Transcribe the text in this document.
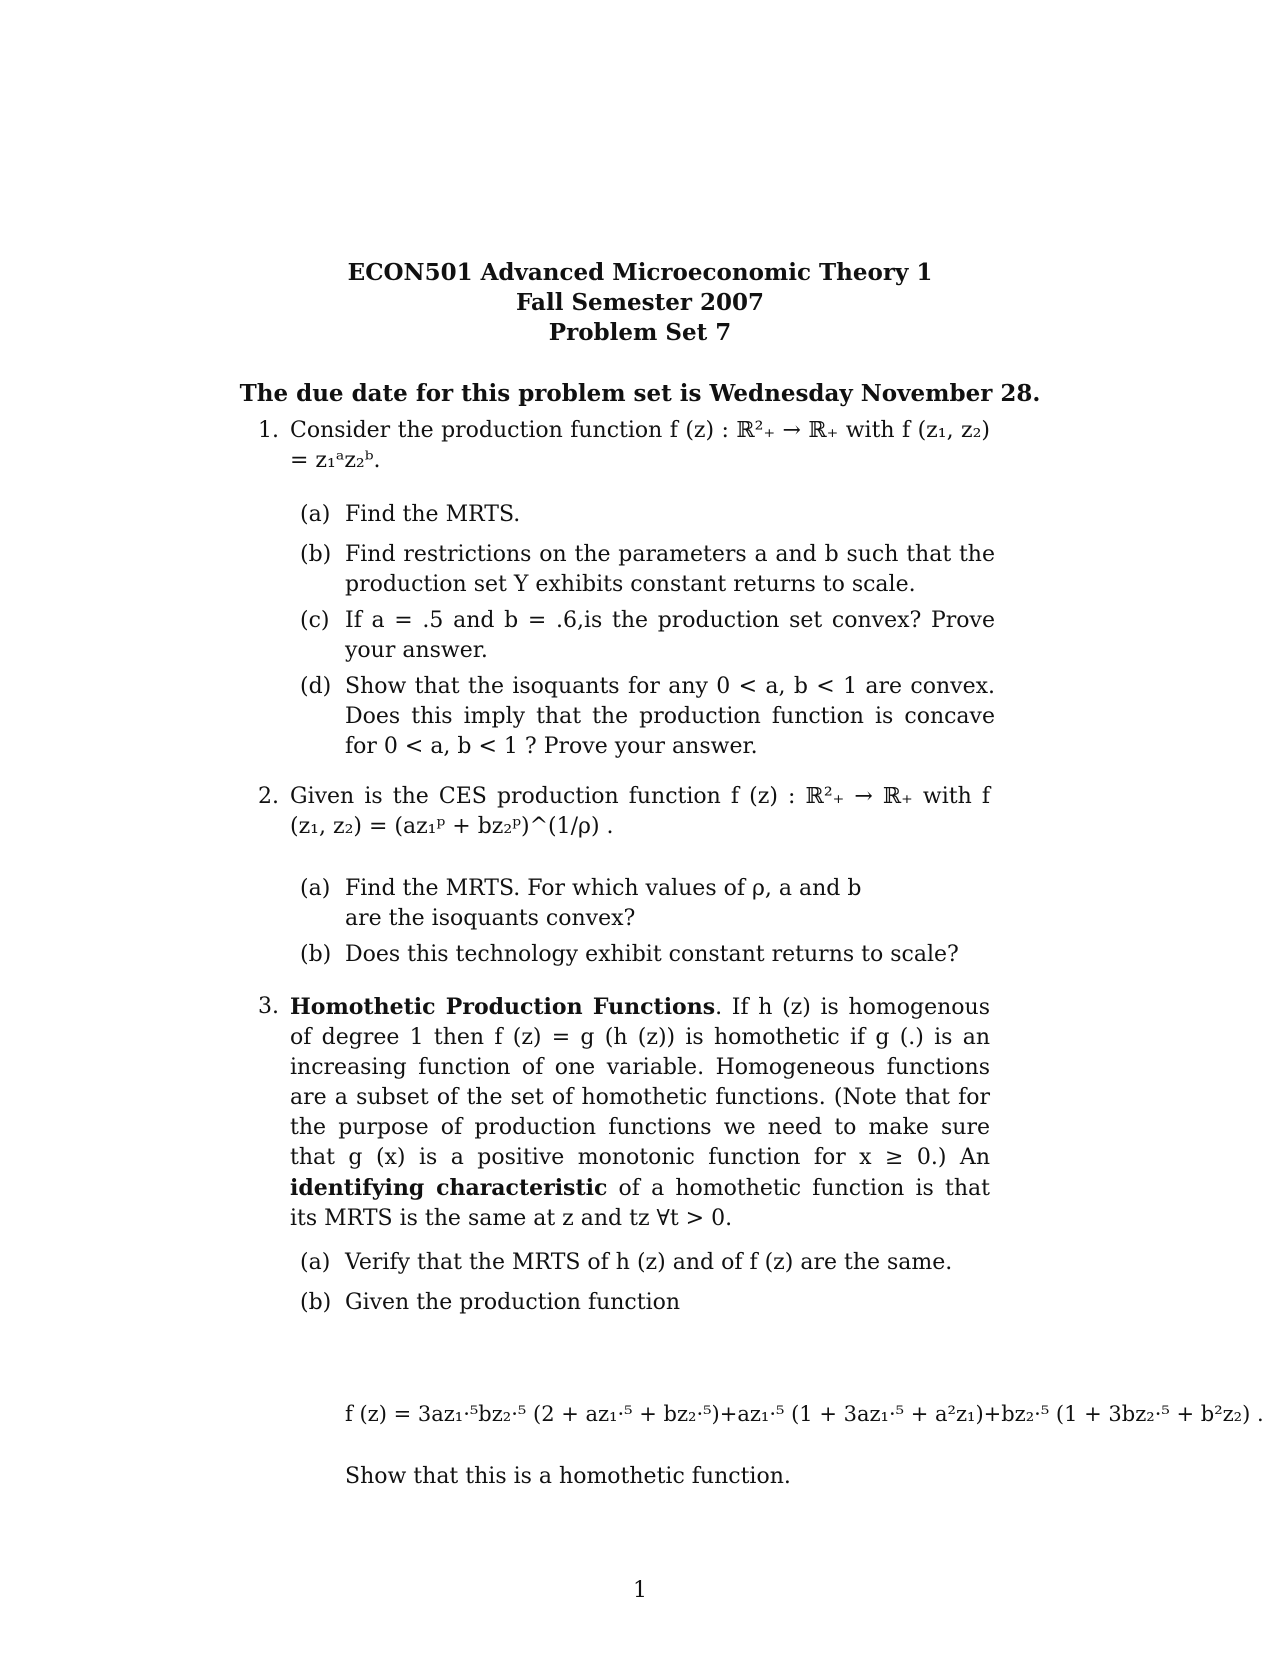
ECON501 Advanced Microeconomic Theory 1
Fall Semester 2007
Problem Set 7
The due date for this problem set is Wednesday November 28.
1. Consider the production function f (z) : ℝ²₊ → ℝ₊ with f (z₁, z₂) = z₁ᵃz₂ᵇ.
(a) Find the MRTS.
(b) Find restrictions on the parameters a and b such that the production set Y exhibits constant returns to scale.
(c) If a = .5 and b = .6,is the production set convex? Prove your answer.
(d) Show that the isoquants for any 0 < a, b < 1 are convex. Does this imply that the production function is concave for 0 < a, b < 1 ? Prove your answer.
2. Given is the CES production function f (z) : ℝ²₊ → ℝ₊ with f (z₁, z₂) = (az₁ᵖ + bz₂ᵖ)^(1/ρ) .
(a) Find the MRTS. For which values of ρ, a and b are the isoquants convex?
(b) Does this technology exhibit constant returns to scale?
3. Homothetic Production Functions. If h (z) is homogenous of degree 1 then f (z) = g (h (z)) is homothetic if g (.) is an increasing function of one variable. Homogeneous functions are a subset of the set of homothetic functions. (Note that for the purpose of production functions we need to make sure that g (x) is a positive monotonic function for x ≥ 0.) An identifying characteristic of a homothetic function is that its MRTS is the same at z and tz ∀t > 0.
(a) Verify that the MRTS of h (z) and of f (z) are the same.
(b) Given the production function
f (z) = 3az₁·⁵bz₂·⁵ (2 + az₁·⁵ + bz₂·⁵)+az₁·⁵ (1 + 3az₁·⁵ + a²z₁)+bz₂·⁵ (1 + 3bz₂·⁵ + b²z₂) .
Show that this is a homothetic function.
1
